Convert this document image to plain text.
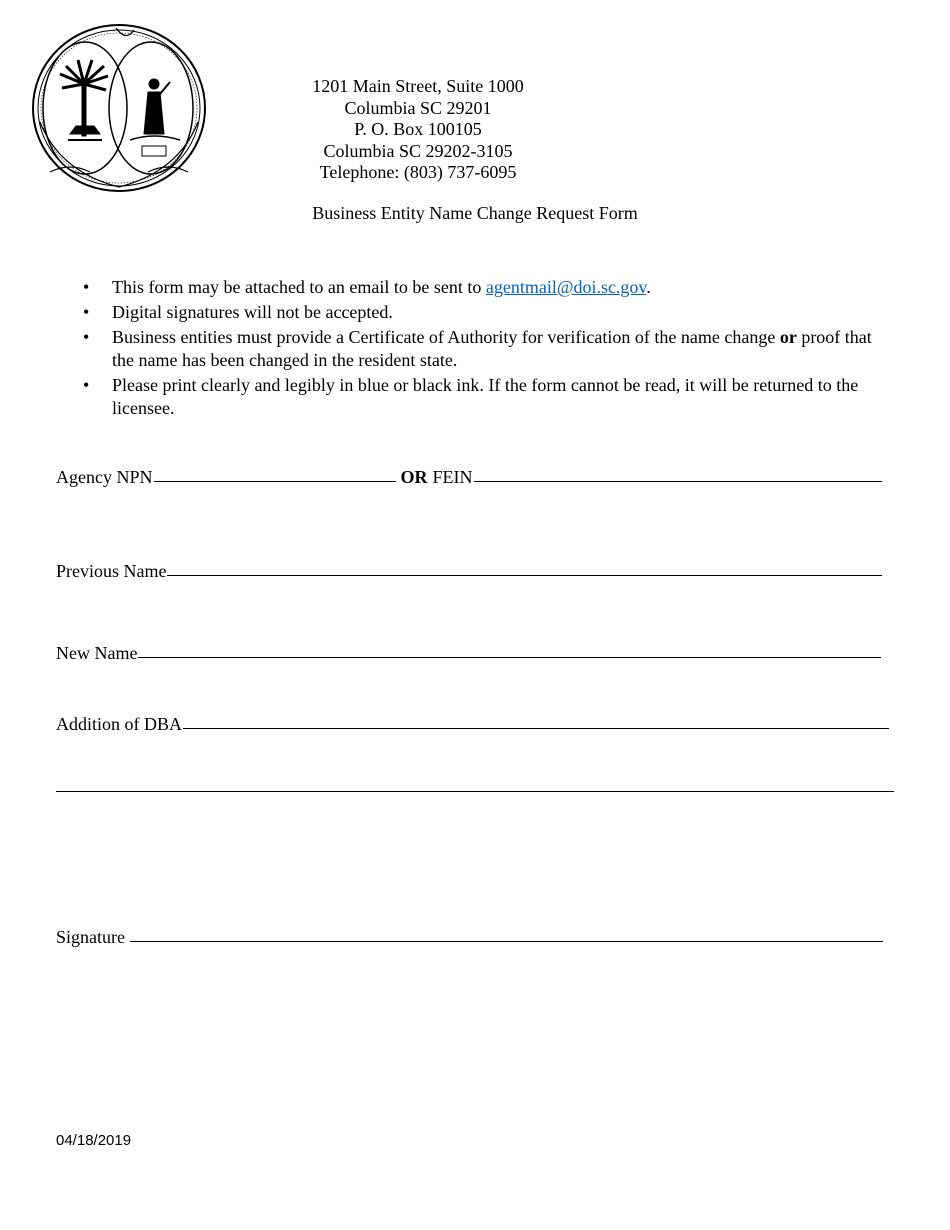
1201 Main Street, Suite 1000
Columbia SC 29201
P. O. Box 100105
Columbia SC 29202-3105
Telephone: (803) 737-6095
Business Entity Name Change Request Form
• This form may be attached to an email to be sent to agentmail@doi.sc.gov.
• Digital signatures will not be accepted.
• Business entities must provide a Certificate of Authority for verification of the name change or proof that the name has been changed in the resident state.
• Please print clearly and legibly in blue or black ink. If the form cannot be read, it will be returned to the licensee.
Agency NPN	OR FEIN
Previous Name
New Name
Addition of DBA
Signature
04/18/2019
